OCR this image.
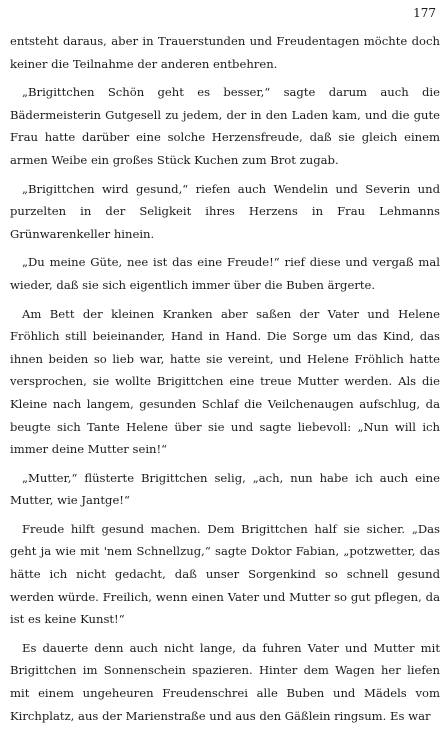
177

entsteht daraus, aber in Trauerstunden und Freudentagen möchte doch keiner die Teilnahme der anderen entbehren.

„Brigittchen Schön geht es besser,“ sagte darum auch die Bädermeisterin Gutgesell zu jedem, der in den Laden kam, und die gute Frau hatte darüber eine solche Herzensfreude, daß sie gleich einem armen Weibe ein großes Stück Kuchen zum Brot zugab.

„Brigittchen wird gesund,“ riefen auch Wendelin und Severin und purzelten in der Seligkeit ihres Herzens in Frau Lehmanns Grünwarenkeller hinein.

„Du meine Güte, nee ist das eine Freude!“ rief diese und vergaß mal wieder, daß sie sich eigentlich immer über die Buben ärgerte.

Am Bett der kleinen Kranken aber saßen der Vater und Helene Fröhlich still beieinander, Hand in Hand. Die Sorge um das Kind, das ihnen beiden so lieb war, hatte sie vereint, und Helene Fröhlich hatte versprochen, sie wollte Brigittchen eine treue Mutter werden. Als die Kleine nach langem, gesunden Schlaf die Veilchenaugen aufschlug, da beugte sich Tante Helene über sie und sagte liebevoll: „Nun will ich immer deine Mutter sein!“

„Mutter,“ flüsterte Brigittchen selig, „ach, nun habe ich auch eine Mutter, wie Jantge!“

Freude hilft gesund machen. Dem Brigittchen half sie sicher. „Das geht ja wie mit 'nem Schnellzug,“ sagte Doktor Fabian, „potzwetter, das hätte ich nicht gedacht, daß unser Sorgenkind so schnell gesund werden würde. Freilich, wenn einen Vater und Mutter so gut pflegen, da ist es keine Kunst!“

Es dauerte denn auch nicht lange, da fuhren Vater und Mutter mit Brigittchen im Sonnenschein spazieren. Hinter dem Wagen her liefen mit einem ungeheuren Freudenschrei alle Buben und Mädels vom Kirchplatz, aus der Marienstraße und aus den Gäßlein ringsum. Es war
